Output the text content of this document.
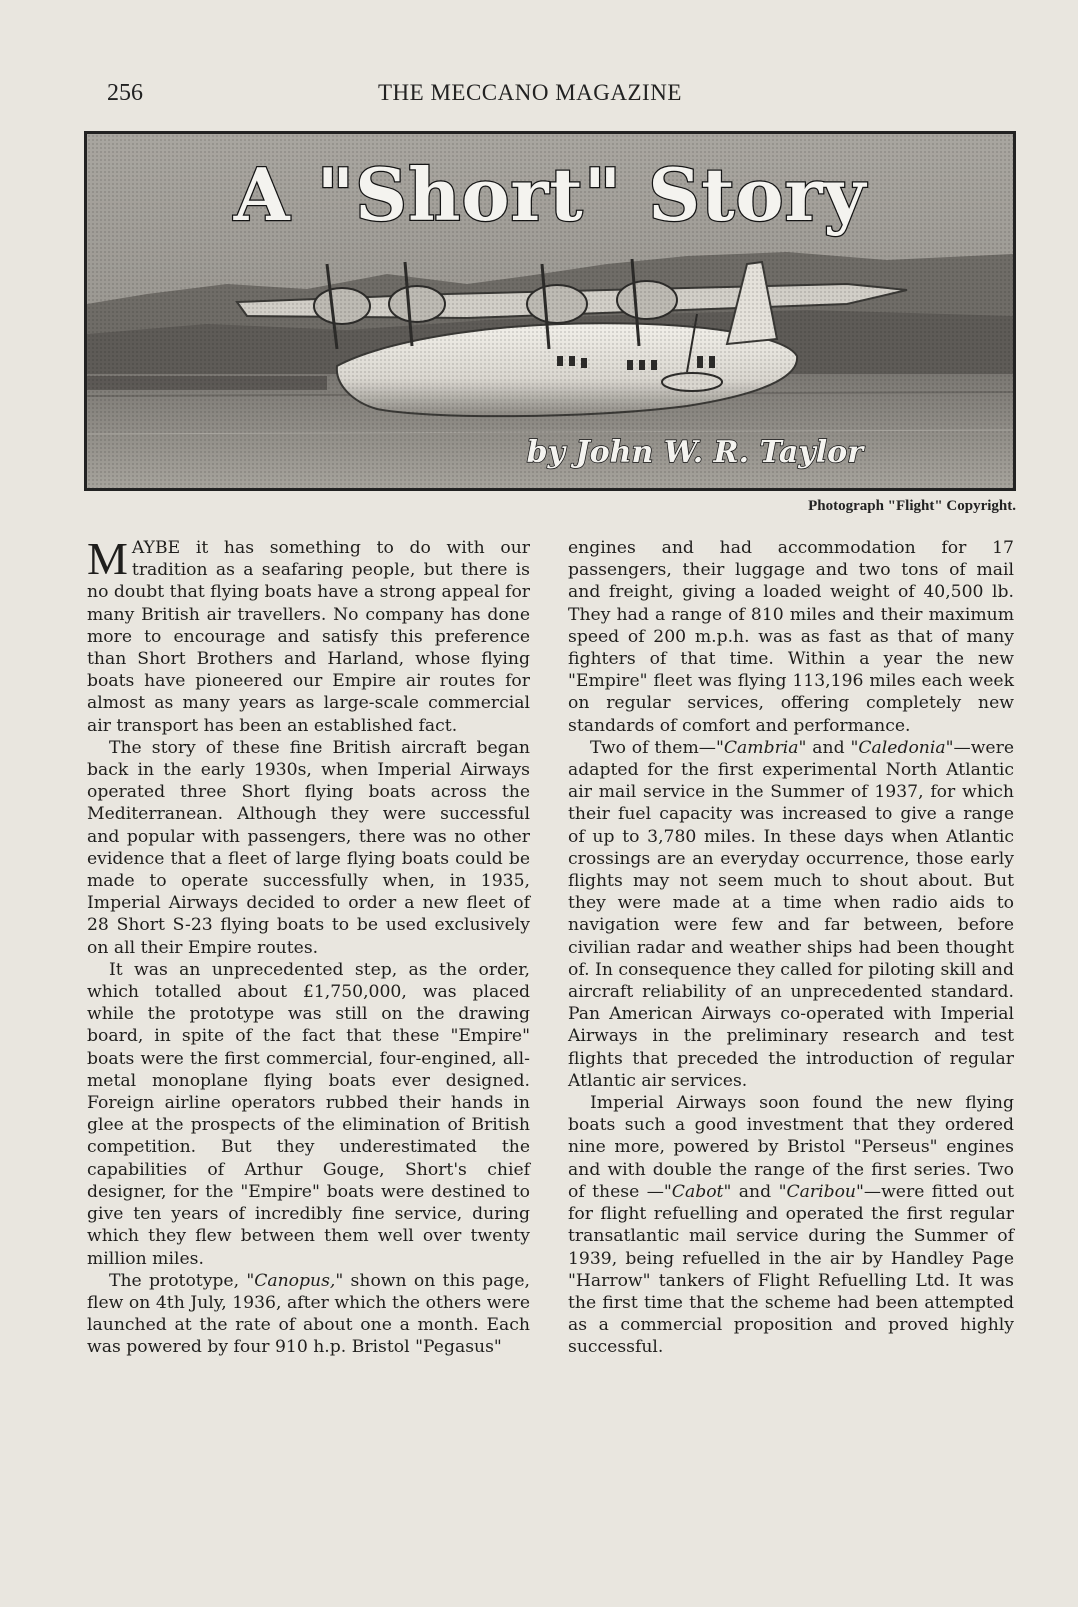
256	THE MECCANO MAGAZINE
A "Short" Story
by John W. R. Taylor
Photograph "Flight" Copyright.

MAYBE it has something to do with our tradition as a seafaring people, but there is no doubt that flying boats have a strong appeal for many British air travellers. No company has done more to encourage and satisfy this preference than Short Brothers and Harland, whose flying boats have pioneered our Empire air routes for almost as many years as large-scale commercial air transport has been an established fact.

The story of these fine British aircraft began back in the early 1930s, when Imperial Airways operated three Short flying boats across the Mediterranean. Although they were successful and popular with passengers, there was no other evidence that a fleet of large flying boats could be made to operate successfully when, in 1935, Imperial Airways decided to order a new fleet of 28 Short S-23 flying boats to be used exclusively on all their Empire routes.

It was an unprecedented step, as the order, which totalled about £1,750,000, was placed while the prototype was still on the drawing board, in spite of the fact that these "Empire" boats were the first commercial, four-engined, all-metal monoplane flying boats ever designed. Foreign airline operators rubbed their hands in glee at the prospects of the elimination of British competition. But they underestimated the capabilities of Arthur Gouge, Short's chief designer, for the "Empire" boats were destined to give ten years of incredibly fine service, during which they flew between them well over twenty million miles.

The prototype, "Canopus," shown on this page, flew on 4th July, 1936, after which the others were launched at the rate of about one a month. Each was powered by four 910 h.p. Bristol "Pegasus"

engines and had accommodation for 17 passengers, their luggage and two tons of mail and freight, giving a loaded weight of 40,500 lb. They had a range of 810 miles and their maximum speed of 200 m.p.h. was as fast as that of many fighters of that time. Within a year the new "Empire" fleet was flying 113,196 miles each week on regular services, offering completely new standards of comfort and performance.

Two of them—"Cambria" and "Caledonia"—were adapted for the first experimental North Atlantic air mail service in the Summer of 1937, for which their fuel capacity was increased to give a range of up to 3,780 miles. In these days when Atlantic crossings are an everyday occurrence, those early flights may not seem much to shout about. But they were made at a time when radio aids to navigation were few and far between, before civilian radar and weather ships had been thought of. In consequence they called for piloting skill and aircraft reliability of an unprecedented standard. Pan American Airways co-operated with Imperial Airways in the preliminary research and test flights that preceded the introduction of regular Atlantic air services.

Imperial Airways soon found the new flying boats such a good investment that they ordered nine more, powered by Bristol "Perseus" engines and with double the range of the first series. Two of these —"Cabot" and "Caribou"—were fitted out for flight refuelling and operated the first regular transatlantic mail service during the Summer of 1939, being refuelled in the air by Handley Page "Harrow" tankers of Flight Refuelling Ltd. It was the first time that the scheme had been attempted as a commercial proposition and proved highly successful.
